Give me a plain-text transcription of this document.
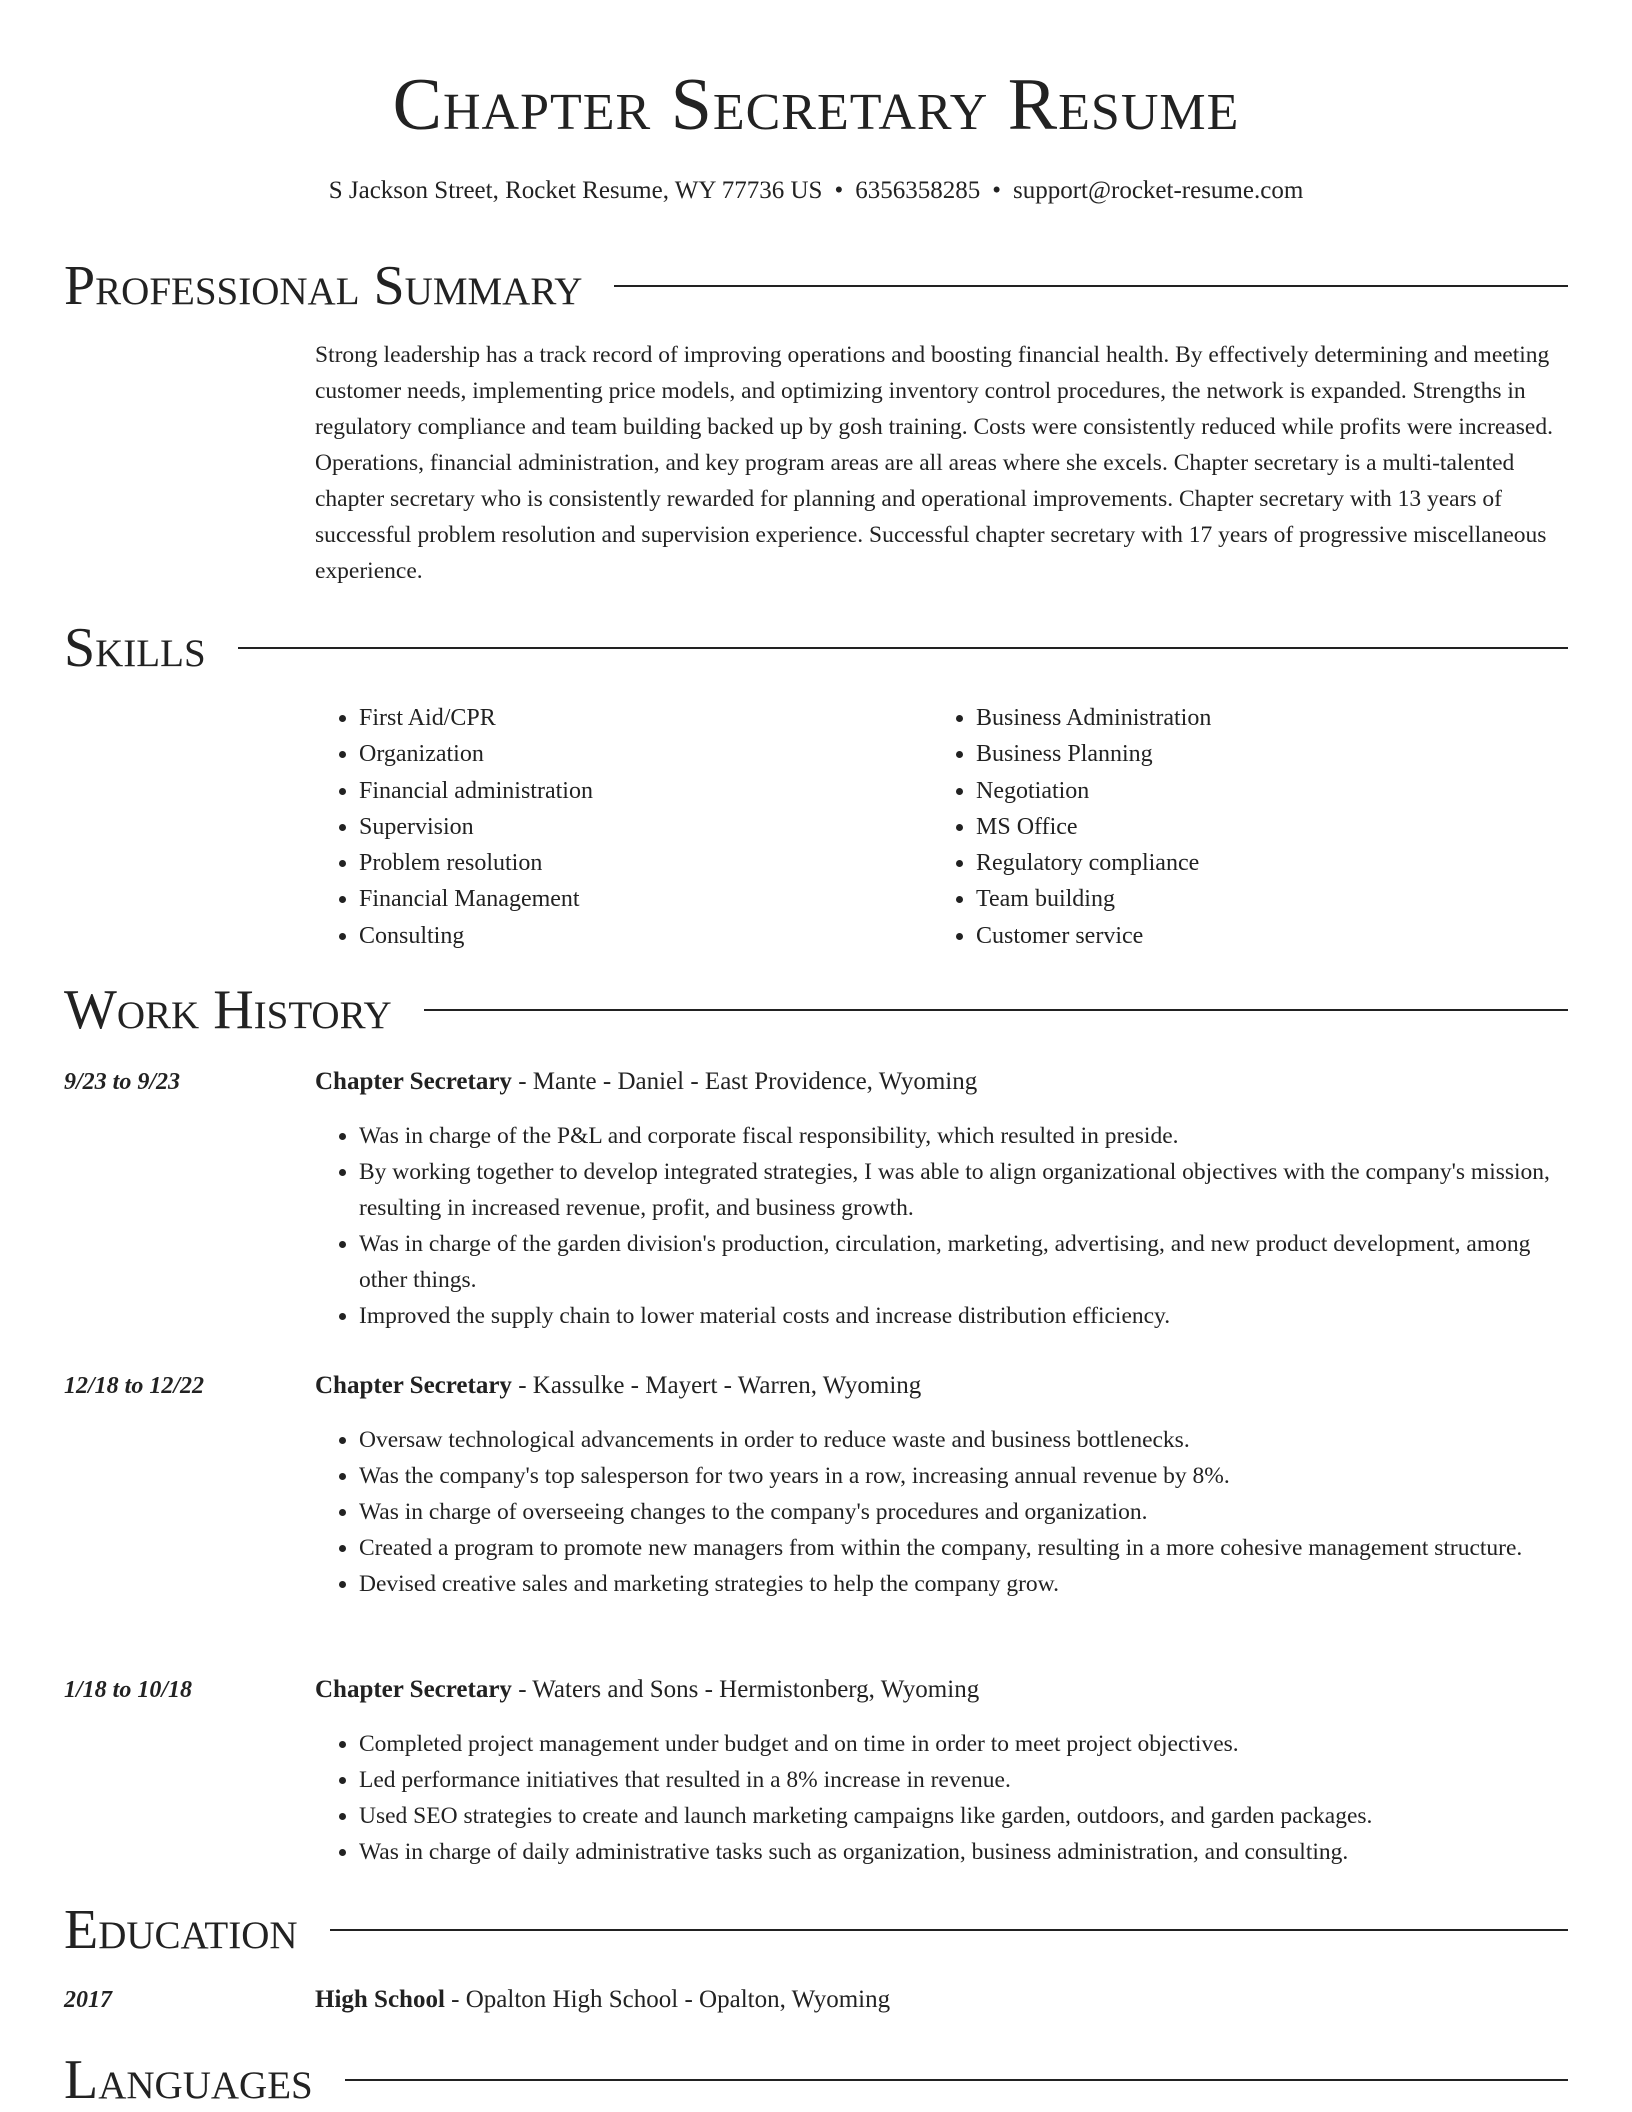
Chapter Secretary Resume
S Jackson Street, Rocket Resume, WY 77736 US • 6356358285 • support@rocket-resume.com
Professional Summary
Strong leadership has a track record of improving operations and boosting financial health. By effectively determining and meeting customer needs, implementing price models, and optimizing inventory control procedures, the network is expanded. Strengths in regulatory compliance and team building backed up by gosh training. Costs were consistently reduced while profits were increased. Operations, financial administration, and key program areas are all areas where she excels. Chapter secretary is a multi-talented chapter secretary who is consistently rewarded for planning and operational improvements. Chapter secretary with 13 years of successful problem resolution and supervision experience. Successful chapter secretary with 17 years of progressive miscellaneous experience.
Skills
• First Aid/CPR
• Organization
• Financial administration
• Supervision
• Problem resolution
• Financial Management
• Consulting
• Business Administration
• Business Planning
• Negotiation
• MS Office
• Regulatory compliance
• Team building
• Customer service
Work History
9/23 to 9/23	Chapter Secretary - Mante - Daniel - East Providence, Wyoming
• Was in charge of the P&L and corporate fiscal responsibility, which resulted in preside.
• By working together to develop integrated strategies, I was able to align organizational objectives with the company's mission, resulting in increased revenue, profit, and business growth.
• Was in charge of the garden division's production, circulation, marketing, advertising, and new product development, among other things.
• Improved the supply chain to lower material costs and increase distribution efficiency.
12/18 to 12/22	Chapter Secretary - Kassulke - Mayert - Warren, Wyoming
• Oversaw technological advancements in order to reduce waste and business bottlenecks.
• Was the company's top salesperson for two years in a row, increasing annual revenue by 8%.
• Was in charge of overseeing changes to the company's procedures and organization.
• Created a program to promote new managers from within the company, resulting in a more cohesive management structure.
• Devised creative sales and marketing strategies to help the company grow.
1/18 to 10/18	Chapter Secretary - Waters and Sons - Hermistonberg, Wyoming
• Completed project management under budget and on time in order to meet project objectives.
• Led performance initiatives that resulted in a 8% increase in revenue.
• Used SEO strategies to create and launch marketing campaigns like garden, outdoors, and garden packages.
• Was in charge of daily administrative tasks such as organization, business administration, and consulting.
Education
2017	High School - Opalton High School - Opalton, Wyoming
Languages
